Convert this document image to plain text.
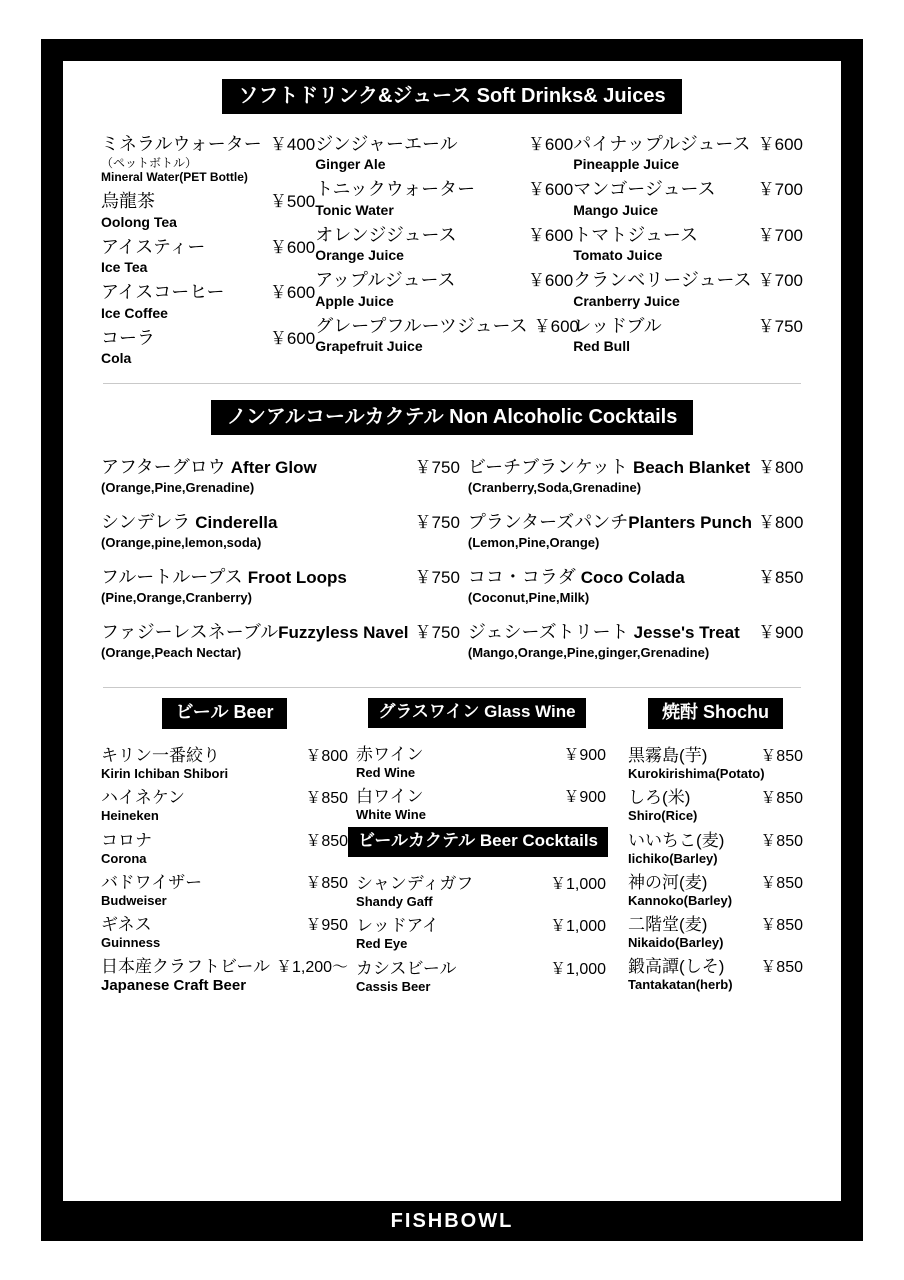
ソフトドリンク&ジュース Soft Drinks& Juices
ミネラルウォーター ￥400
（ペットボトル）
Mineral Water(PET Bottle)
烏龍茶	￥500
Oolong Tea
アイスティー	￥600
Ice Tea
アイスコーヒー	￥600
Ice Coffee
コーラ	￥600
Cola
ジンジャーエール	￥600
Ginger Ale
トニックウォーター	￥600
Tonic Water
オレンジジュース	￥600
Orange Juice
アップルジュース	￥600
Apple Juice
グレープフルーツジュース ￥600
Grapefruit Juice
パイナップルジュース ￥600
Pineapple Juice
マンゴージュース	￥700
Mango Juice
トマトジュース	￥700
Tomato Juice
クランベリージュース ￥700
Cranberry Juice
レッドブル	￥750
Red Bull
ノンアルコールカクテル Non Alcoholic Cocktails
アフターグロウ After Glow	￥750
(Orange,Pine,Grenadine)
シンデレラ Cinderella	￥750
(Orange,pine,lemon,soda)
フルートループス Froot Loops	￥750
(Pine,Orange,Cranberry)
ファジーレスネーブルFuzzyless Navel ￥750
(Orange,Peach Nectar)
ビーチブランケット Beach Blanket ￥800
(Cranberry,Soda,Grenadine)
プランターズパンチPlanters Punch ￥800
(Lemon,Pine,Orange)
ココ・コラダ Coco Colada	￥850
(Coconut,Pine,Milk)
ジェシーズトリート Jesse's Treat	￥900
(Mango,Orange,Pine,ginger,Grenadine)
ビール Beer
キリン一番絞り	￥800
Kirin Ichiban Shibori
ハイネケン	￥850
Heineken
コロナ	￥850
Corona
バドワイザー	￥850
Budweiser
ギネス	￥950
Guinness
日本産クラフトビール ￥1,200〜
Japanese Craft Beer
グラスワイン Glass Wine
赤ワイン	￥900
Red Wine
白ワイン	￥900
White Wine
ビールカクテル Beer Cocktails
シャンディガフ	￥1,000
Shandy Gaff
レッドアイ	￥1,000
Red Eye
カシスビール	￥1,000
Cassis Beer
焼酎 Shochu
黒霧島(芋)	￥850
Kurokirishima(Potato)
しろ(米)	￥850
Shiro(Rice)
いいちこ(麦)	￥850
Iichiko(Barley)
神の河(麦)	￥850
Kannoko(Barley)
二階堂(麦)	￥850
Nikaido(Barley)
鍛高譚(しそ)	￥850
Tantakatan(herb)
FISHBOWL
